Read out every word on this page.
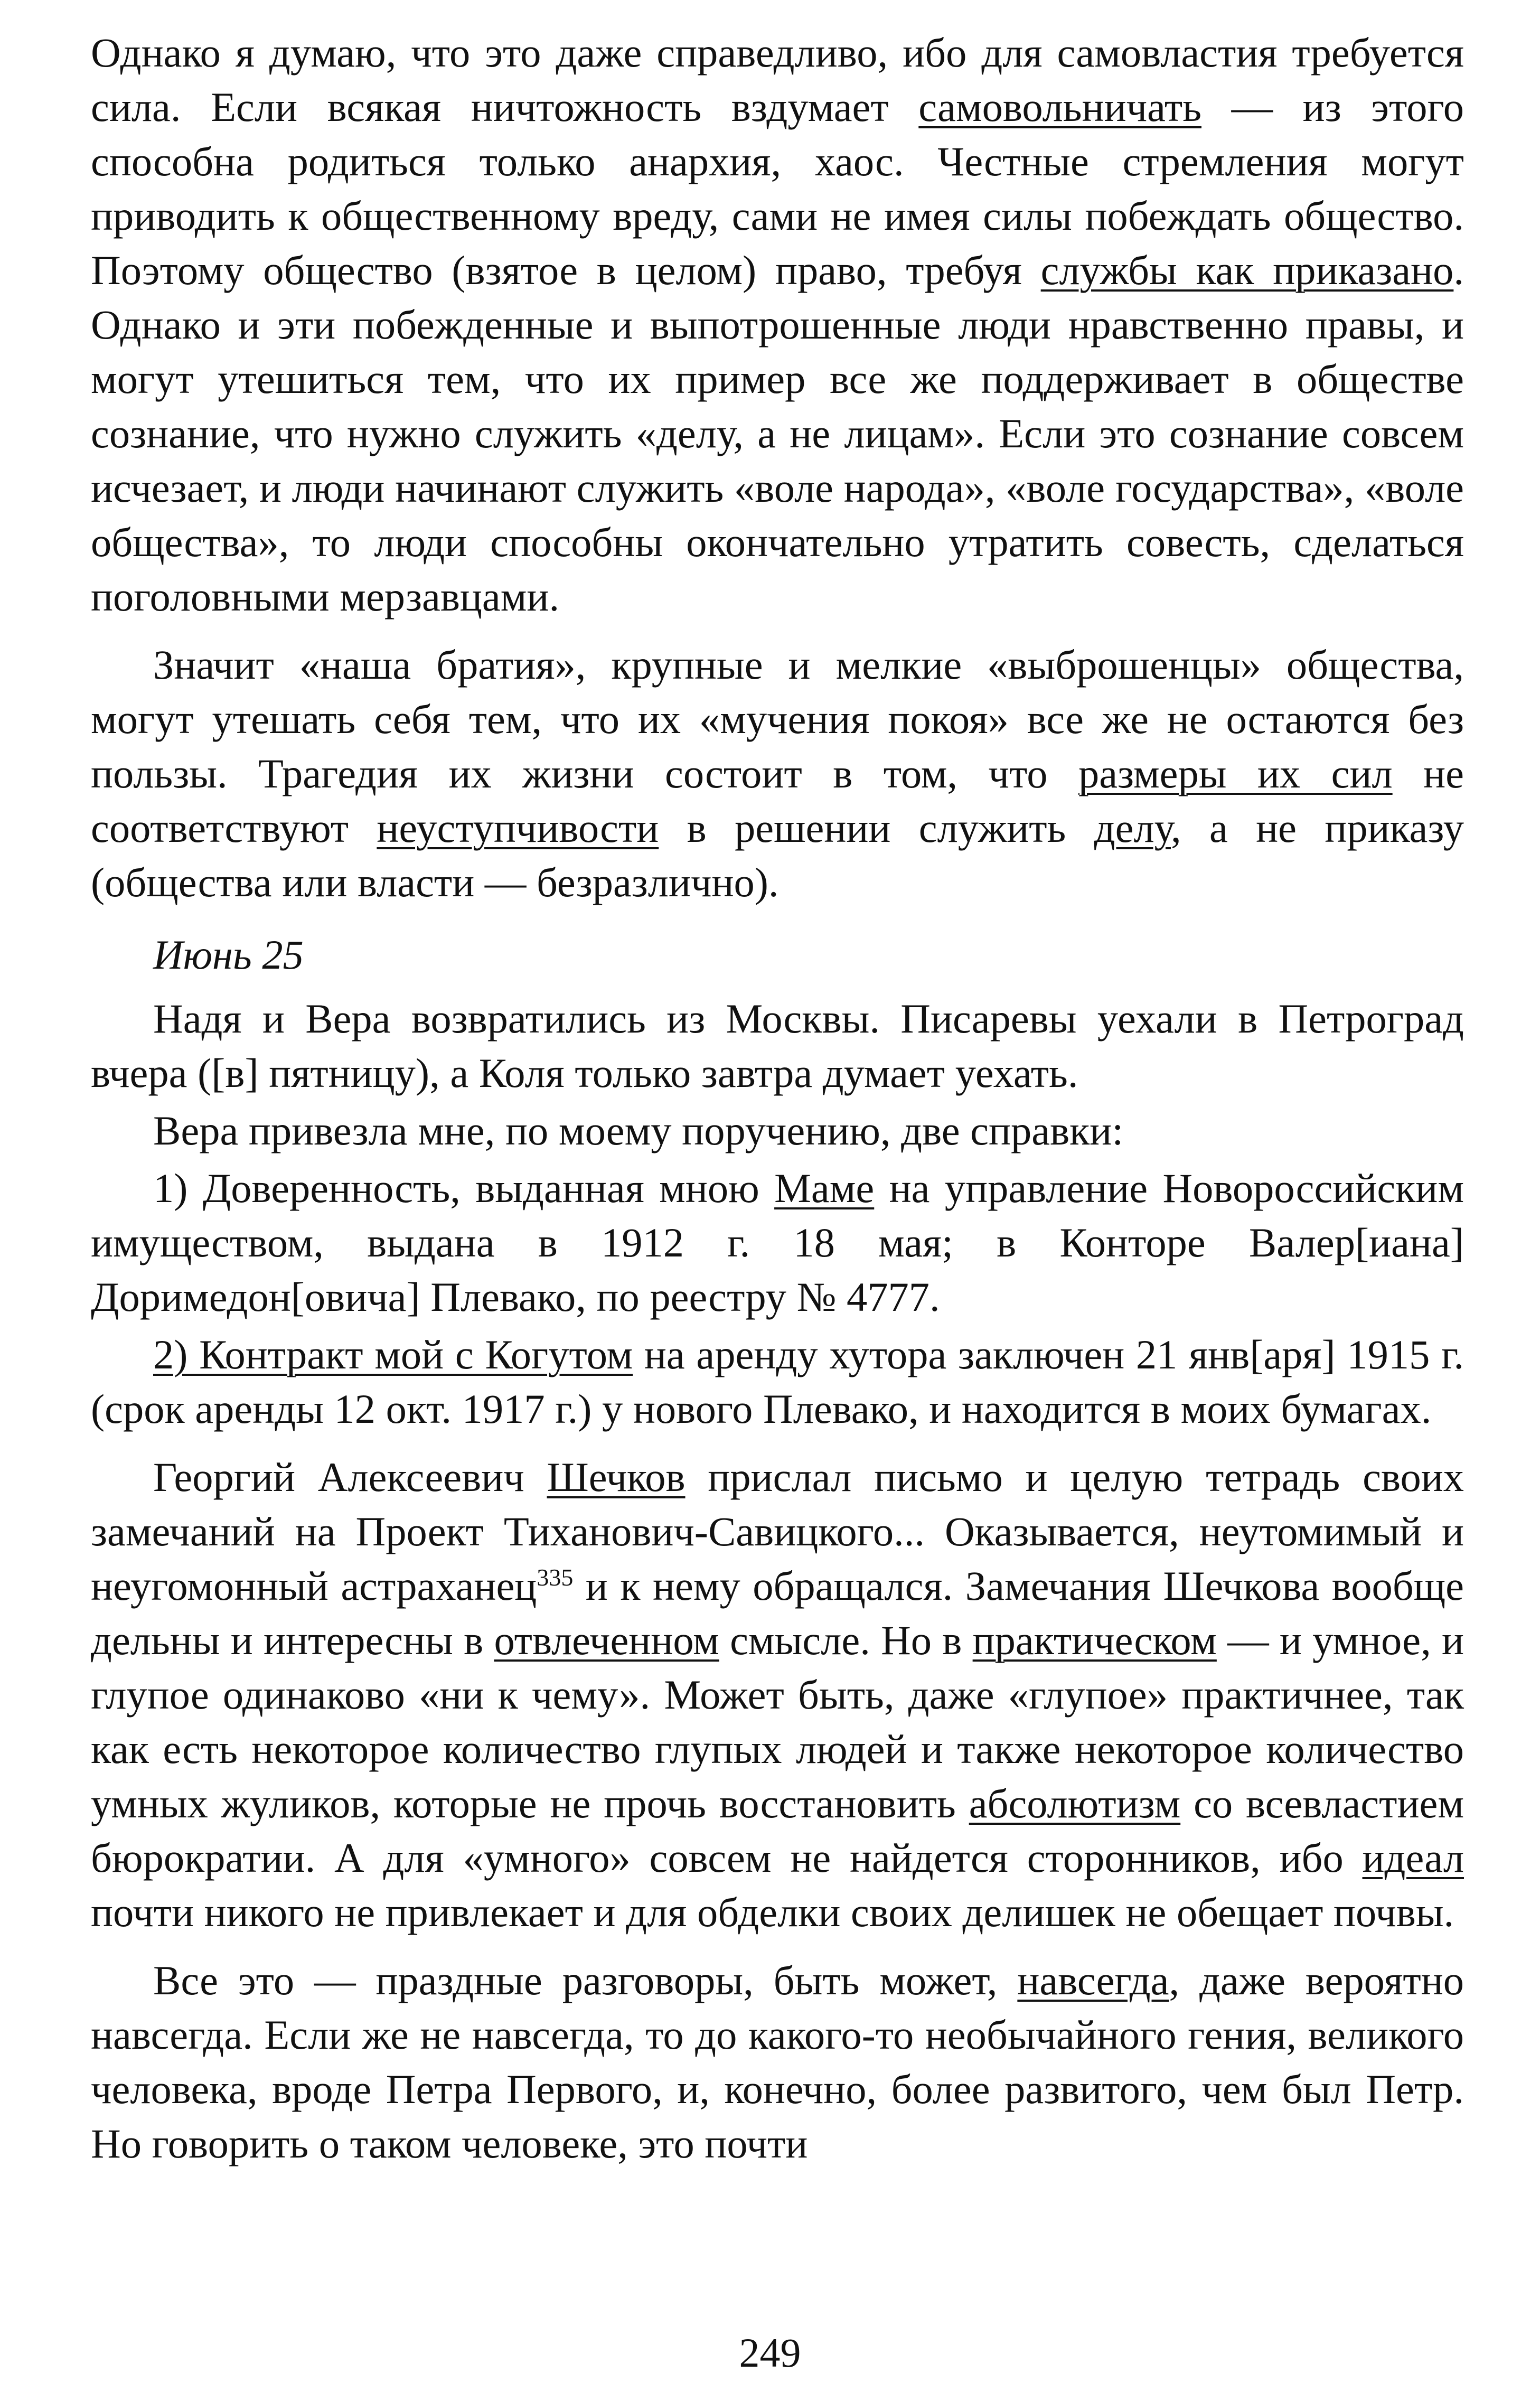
Однако я думаю, что это даже справедливо, ибо для самовластия требуется сила. Если всякая ничтожность вздумает самовольничать — из этого способна родиться только анархия, хаос. Честные стремления могут приводить к общественному вреду, сами не имея силы побеждать общество. Поэтому общество (взятое в целом) право, требуя службы как приказано. Однако и эти побежденные и выпотрошенные люди нравственно правы, и могут утешиться тем, что их пример все же поддерживает в обществе сознание, что нужно служить «делу, а не лицам». Если это сознание совсем исчезает, и люди начинают служить «воле народа», «воле государства», «воле общества», то люди способны окончательно утратить совесть, сделаться поголовными мерзавцами.

Значит «наша братия», крупные и мелкие «выброшенцы» общества, могут утешать себя тем, что их «мучения покоя» все же не остаются без пользы. Трагедия их жизни состоит в том, что размеры их сил не соответствуют неуступчивости в решении служить делу, а не приказу (общества или власти — безразлично).

Июнь 25

Надя и Вера возвратились из Москвы. Писаревы уехали в Петроград вчера ([в] пятницу), а Коля только завтра думает уехать.

Вера привезла мне, по моему поручению, две справки:

1) Доверенность, выданная мною Маме на управление Новороссийским имуществом, выдана в 1912 г. 18 мая; в Конторе Валер[иана] Доримедон[овича] Плевако, по реестру № 4777.

2) Контракт мой с Когутом на аренду хутора заключен 21 янв[аря] 1915 г. (срок аренды 12 окт. 1917 г.) у нового Плевако, и находится в моих бумагах.

Георгий Алексеевич Шечков прислал письмо и целую тетрадь своих замечаний на Проект Тиханович-Савицкого... Оказывается, неутомимый и неугомонный астраханец$^{335}$ и к нему обращался. Замечания Шечкова вообще дельны и интересны в отвлеченном смысле. Но в практическом — и умное, и глупое одинаково «ни к чему». Может быть, даже «глупое» практичнее, так как есть некоторое количество глупых людей и также некоторое количество умных жуликов, которые не прочь восстановить абсолютизм со всевластием бюрократии. А для «умного» совсем не найдется сторонников, ибо идеал почти никого не привлекает и для обделки своих делишек не обещает почвы.

Все это — праздные разговоры, быть может, навсегда, даже вероятно навсегда. Если же не навсегда, то до какого-то необычайного гения, великого человека, вроде Петра Первого, и, конечно, более развитого, чем был Петр. Но говорить о таком человеке, это почти

249
